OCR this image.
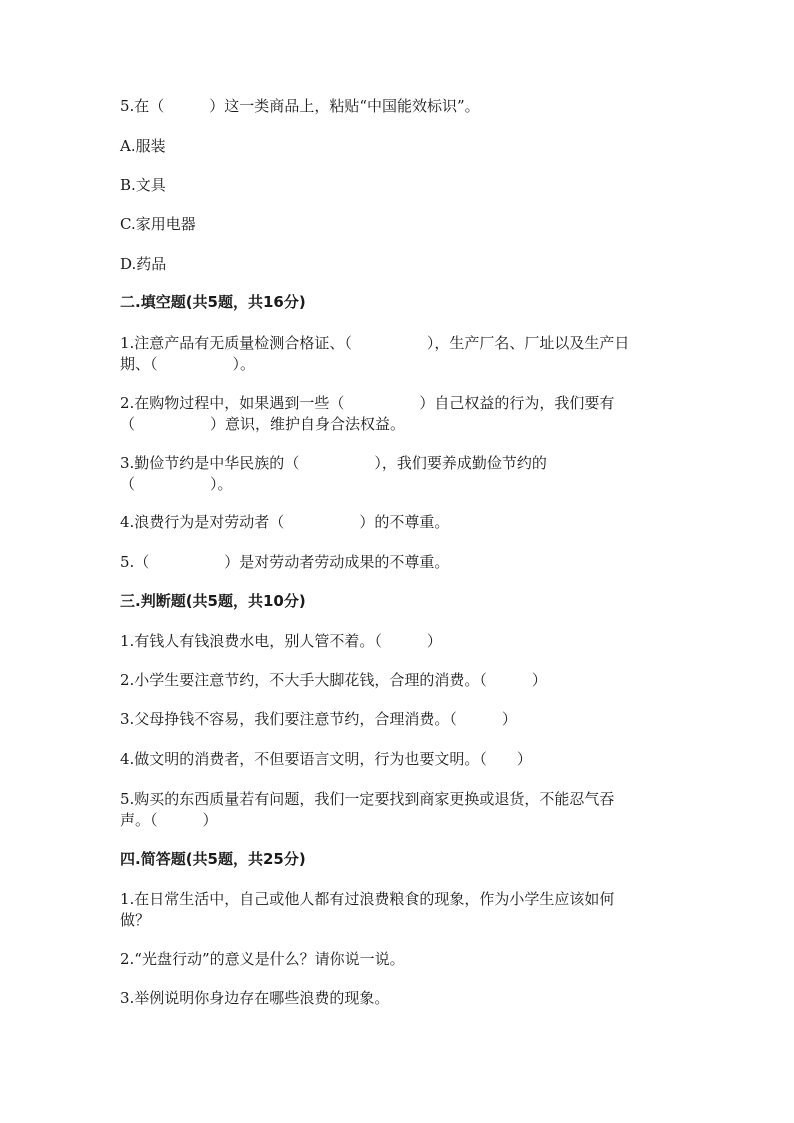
5.在（　　　）这一类商品上，粘贴“中国能效标识”。
A.服装
B.文具
C.家用电器
D.药品
二.填空题(共5题，共16分)
1.注意产品有无质量检测合格证、（　　　　　），生产厂名、厂址以及生产日
期、（　　　　　）。
2.在购物过程中，如果遇到一些（　　　　　）自己权益的行为，我们要有
（　　　　　）意识，维护自身合法权益。
3.勤俭节约是中华民族的（　　　　　），我们要养成勤俭节约的
（　　　　　）。
4.浪费行为是对劳动者（　　　　　）的不尊重。
5.（　　　　　）是对劳动者劳动成果的不尊重。
三.判断题(共5题，共10分)
1.有钱人有钱浪费水电，别人管不着。（　　　）
2.小学生要注意节约，不大手大脚花钱，合理的消费。（　　　）
3.父母挣钱不容易，我们要注意节约，合理消费。（　　　）
4.做文明的消费者，不但要语言文明，行为也要文明。（　　）
5.购买的东西质量若有问题，我们一定要找到商家更换或退货，不能忍气吞
声。（　　　）
四.简答题(共5题，共25分)
1.在日常生活中，自己或他人都有过浪费粮食的现象，作为小学生应该如何
做？
2.“光盘行动”的意义是什么？请你说一说。
3.举例说明你身边存在哪些浪费的现象。
